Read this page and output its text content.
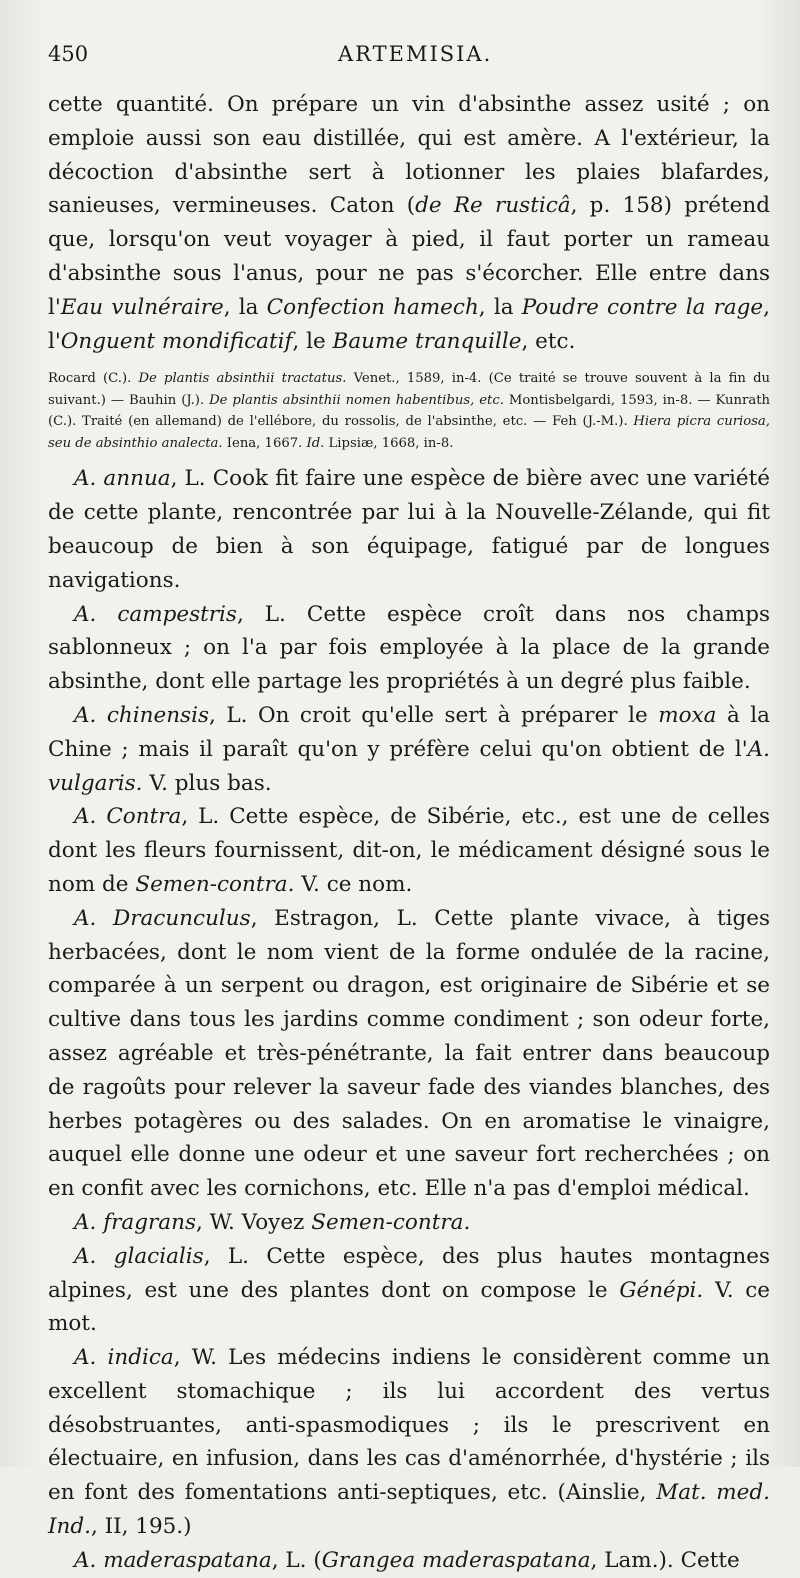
450	ARTEMISIA.

cette quantité. On prépare un vin d'absinthe assez usité ; on emploie aussi son eau distillée, qui est amère. A l'extérieur, la décoction d'absinthe sert à lotionner les plaies blafardes, sanieuses, vermineuses. Caton (de Re rusticâ, p. 158) prétend que, lorsqu'on veut voyager à pied, il faut porter un rameau d'absinthe sous l'anus, pour ne pas s'écorcher. Elle entre dans l'Eau vulnéraire, la Confection hamech, la Poudre contre la rage, l'Onguent mondificatif, le Baume tranquille, etc.

Rocard (C.). De plantis absinthii tractatus. Venet., 1589, in-4. (Ce traité se trouve souvent à la fin du suivant.) — Bauhin (J.). De plantis absinthii nomen habentibus, etc. Montisbelgardi, 1593, in-8. — Kunrath (C.). Traité (en allemand) de l'ellébore, du rossolis, de l'absinthe, etc. — Feh (J.-M.). Hiera picra curiosa, seu de absinthio analecta. Iena, 1667. Id. Lipsiæ, 1668, in-8.

A. annua, L. Cook fit faire une espèce de bière avec une variété de cette plante, rencontrée par lui à la Nouvelle-Zélande, qui fit beaucoup de bien à son équipage, fatigué par de longues navigations.

A. campestris, L. Cette espèce croît dans nos champs sablonneux ; on l'a par fois employée à la place de la grande absinthe, dont elle partage les propriétés à un degré plus faible.

A. chinensis, L. On croit qu'elle sert à préparer le moxa à la Chine ; mais il paraît qu'on y préfère celui qu'on obtient de l'A. vulgaris. V. plus bas.

A. Contra, L. Cette espèce, de Sibérie, etc., est une de celles dont les fleurs fournissent, dit-on, le médicament désigné sous le nom de Semen-contra. V. ce nom.

A. Dracunculus, Estragon, L. Cette plante vivace, à tiges herbacées, dont le nom vient de la forme ondulée de la racine, comparée à un serpent ou dragon, est originaire de Sibérie et se cultive dans tous les jardins comme condiment ; son odeur forte, assez agréable et très-pénétrante, la fait entrer dans beaucoup de ragoûts pour relever la saveur fade des viandes blanches, des herbes potagères ou des salades. On en aromatise le vinaigre, auquel elle donne une odeur et une saveur fort recherchées ; on en confit avec les cornichons, etc. Elle n'a pas d'emploi médical.

A. fragrans, W. Voyez Semen-contra.

A. glacialis, L. Cette espèce, des plus hautes montagnes alpines, est une des plantes dont on compose le Génépi. V. ce mot.

A. indica, W. Les médecins indiens le considèrent comme un excellent stomachique ; ils lui accordent des vertus désobstruantes, anti-spasmodiques ; ils le prescrivent en électuaire, en infusion, dans les cas d'aménorrhée, d'hystérie ; ils en font des fomentations anti-septiques, etc. (Ainslie, Mat. med. Ind., II, 195.)

A. maderaspatana, L. (Grangea maderaspatana, Lam.). Cette
